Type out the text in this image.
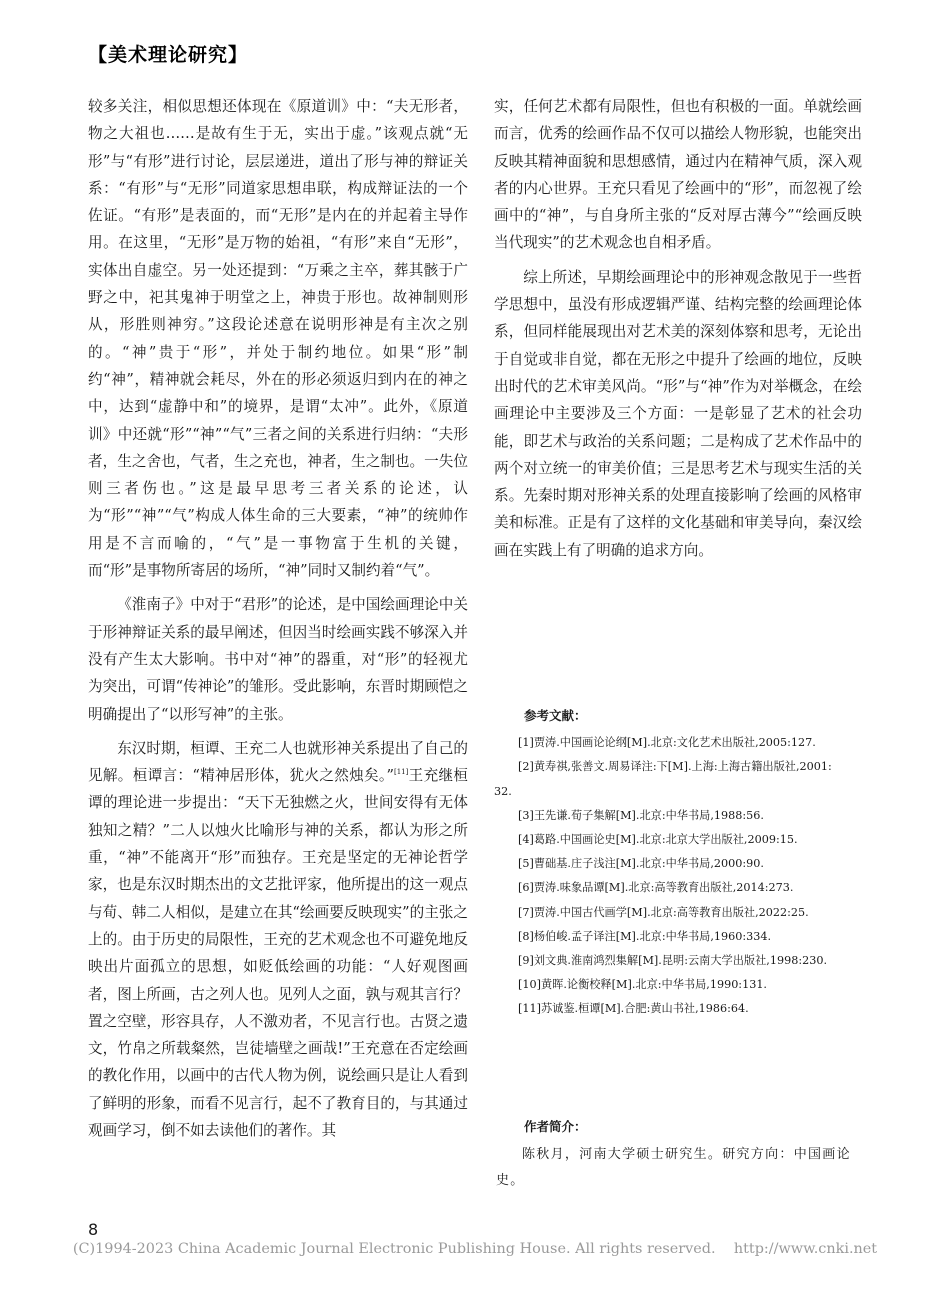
【美术理论研究】

较多关注，相似思想还体现在《原道训》中：“夫无形者，物之大祖也……是故有生于无，实出于虚。”该观点就“无形”与“有形”进行讨论，层层递进，道出了形与神的辩证关系：“有形”与“无形”同道家思想串联，构成辩证法的一个佐证。“有形”是表面的，而“无形”是内在的并起着主导作用。在这里，“无形”是万物的始祖，“有形”来自“无形”，实体出自虚空。另一处还提到：“万乘之主卒，葬其骸于广野之中，祀其鬼神于明堂之上，神贵于形也。故神制则形从，形胜则神穷。”这段论述意在说明形神是有主次之别的。“神”贵于“形”，并处于制约地位。如果“形”制约“神”，精神就会耗尽，外在的形必须返归到内在的神之中，达到“虚静中和”的境界，是谓“太冲”。此外，《原道训》中还就“形”“神”“气”三者之间的关系进行归纳：“夫形者，生之舍也，气者，生之充也，神者，生之制也。一失位则三者伤也。”这是最早思考三者关系的论述，认为“形”“神”“气”构成人体生命的三大要素，“神”的统帅作用是不言而喻的，“气”是一事物富于生机的关键，而“形”是事物所寄居的场所，“神”同时又制约着“气”。

《淮南子》中对于“君形”的论述，是中国绘画理论中关于形神辩证关系的最早阐述，但因当时绘画实践不够深入并没有产生太大影响。书中对“神”的器重，对“形”的轻视尤为突出，可谓“传神论”的雏形。受此影响，东晋时期顾恺之明确提出了“以形写神”的主张。

东汉时期，桓谭、王充二人也就形神关系提出了自己的见解。桓谭言：“精神居形体，犹火之然烛矣。”[11]王充继桓谭的理论进一步提出：“天下无独燃之火，世间安得有无体独知之精？”二人以烛火比喻形与神的关系，都认为形之所重，“神”不能离开“形”而独存。王充是坚定的无神论哲学家，也是东汉时期杰出的文艺批评家，他所提出的这一观点与荀、韩二人相似，是建立在其“绘画要反映现实”的主张之上的。由于历史的局限性，王充的艺术观念也不可避免地反映出片面孤立的思想，如贬低绘画的功能：“人好观图画者，图上所画，古之列人也。见列人之面，孰与观其言行？置之空壁，形容具存，人不激劝者，不见言行也。古贤之遗文，竹帛之所载粲然，岂徒墙壁之画哉!”王充意在否定绘画的教化作用，以画中的古代人物为例，说绘画只是让人看到了鲜明的形象，而看不见言行，起不了教育目的，与其通过观画学习，倒不如去读他们的著作。其

实，任何艺术都有局限性，但也有积极的一面。单就绘画而言，优秀的绘画作品不仅可以描绘人物形貌，也能突出反映其精神面貌和思想感情，通过内在精神气质，深入观者的内心世界。王充只看见了绘画中的“形”，而忽视了绘画中的“神”，与自身所主张的“反对厚古薄今”“绘画反映当代现实”的艺术观念也自相矛盾。

综上所述，早期绘画理论中的形神观念散见于一些哲学思想中，虽没有形成逻辑严谨、结构完整的绘画理论体系，但同样能展现出对艺术美的深刻体察和思考，无论出于自觉或非自觉，都在无形之中提升了绘画的地位，反映出时代的艺术审美风尚。“形”与“神”作为对举概念，在绘画理论中主要涉及三个方面：一是彰显了艺术的社会功能，即艺术与政治的关系问题；二是构成了艺术作品中的两个对立统一的审美价值；三是思考艺术与现实生活的关系。先秦时期对形神关系的处理直接影响了绘画的风格审美和标准。正是有了这样的文化基础和审美导向，秦汉绘画在实践上有了明确的追求方向。

参考文献：
[1]贾涛.中国画论论纲[M].北京:文化艺术出版社,2005:127.
[2]黄寿祺,张善文.周易译注:下[M].上海:上海古籍出版社,2001:
32.
[3]王先谦.荀子集解[M].北京:中华书局,1988:56.
[4]葛路.中国画论史[M].北京:北京大学出版社,2009:15.
[5]曹础基.庄子浅注[M].北京:中华书局,2000:90.
[6]贾涛.味象品谭[M].北京:高等教育出版社,2014:273.
[7]贾涛.中国古代画学[M].北京:高等教育出版社,2022:25.
[8]杨伯峻.孟子译注[M].北京:中华书局,1960:334.
[9]刘文典.淮南鸿烈集解[M].昆明:云南大学出版社,1998:230.
[10]黄晖.论衡校释[M].北京:中华书局,1990:131.
[11]苏诚鉴.桓谭[M].合肥:黄山书社,1986:64.
作者简介：
陈秋月，河南大学硕士研究生。研究方向：中国画论史。
8
(C)1994-2023 China Academic Journal Electronic Publishing House. All rights reserved.    http://www.cnki.net
